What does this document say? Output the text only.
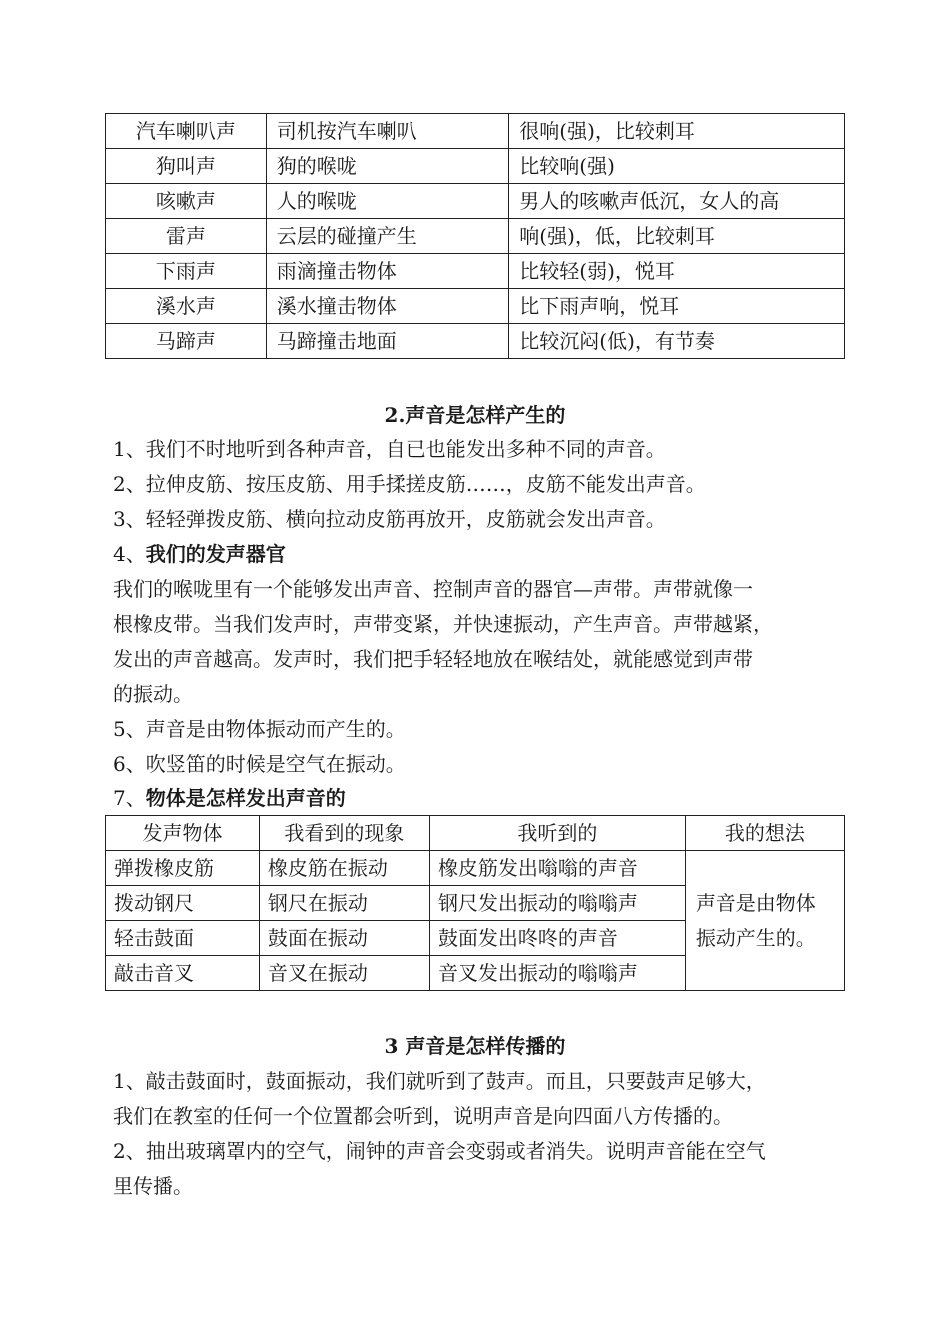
汽车喇叭声	司机按汽车喇叭	很响(强)，比较刺耳
狗叫声	狗的喉咙	比较响(强)
咳嗽声	人的喉咙	男人的咳嗽声低沉，女人的高
雷声	云层的碰撞产生	响(强)，低，比较刺耳
下雨声	雨滴撞击物体	比较轻(弱)，悦耳
溪水声	溪水撞击物体	比下雨声响，悦耳
马蹄声	马蹄撞击地面	比较沉闷(低)，有节奏
2.声音是怎样产生的
1、我们不时地听到各种声音，自已也能发出多种不同的声音。
2、拉伸皮筋、按压皮筋、用手揉搓皮筋……，皮筋不能发出声音。
3、轻轻弹拨皮筋、横向拉动皮筋再放开，皮筋就会发出声音。
4、我们的发声器官
我们的喉咙里有一个能够发出声音、控制声音的器官—声带。声带就像一
根橡皮带。当我们发声时，声带变紧，并快速振动，产生声音。声带越紧，
发出的声音越高。发声时，我们把手轻轻地放在喉结处，就能感觉到声带
的振动。
5、声音是由物体振动而产生的。
6、吹竖笛的时候是空气在振动。
7、物体是怎样发出声音的
发声物体	我看到的现象	我听到的	我的想法
弹拨橡皮筋	橡皮筋在振动	橡皮筋发出嗡嗡的声音	声音是由物体
振动产生的。
拨动钢尺	钢尺在振动	钢尺发出振动的嗡嗡声	
轻击鼓面	鼓面在振动	鼓面发出咚咚的声音	
敲击音叉	音叉在振动	音叉发出振动的嗡嗡声	
3 声音是怎样传播的
1、敲击鼓面时，鼓面振动，我们就听到了鼓声。而且，只要鼓声足够大，
我们在教室的任何一个位置都会听到，说明声音是向四面八方传播的。
2、抽出玻璃罩内的空气，闹钟的声音会变弱或者消失。说明声音能在空气
里传播。
